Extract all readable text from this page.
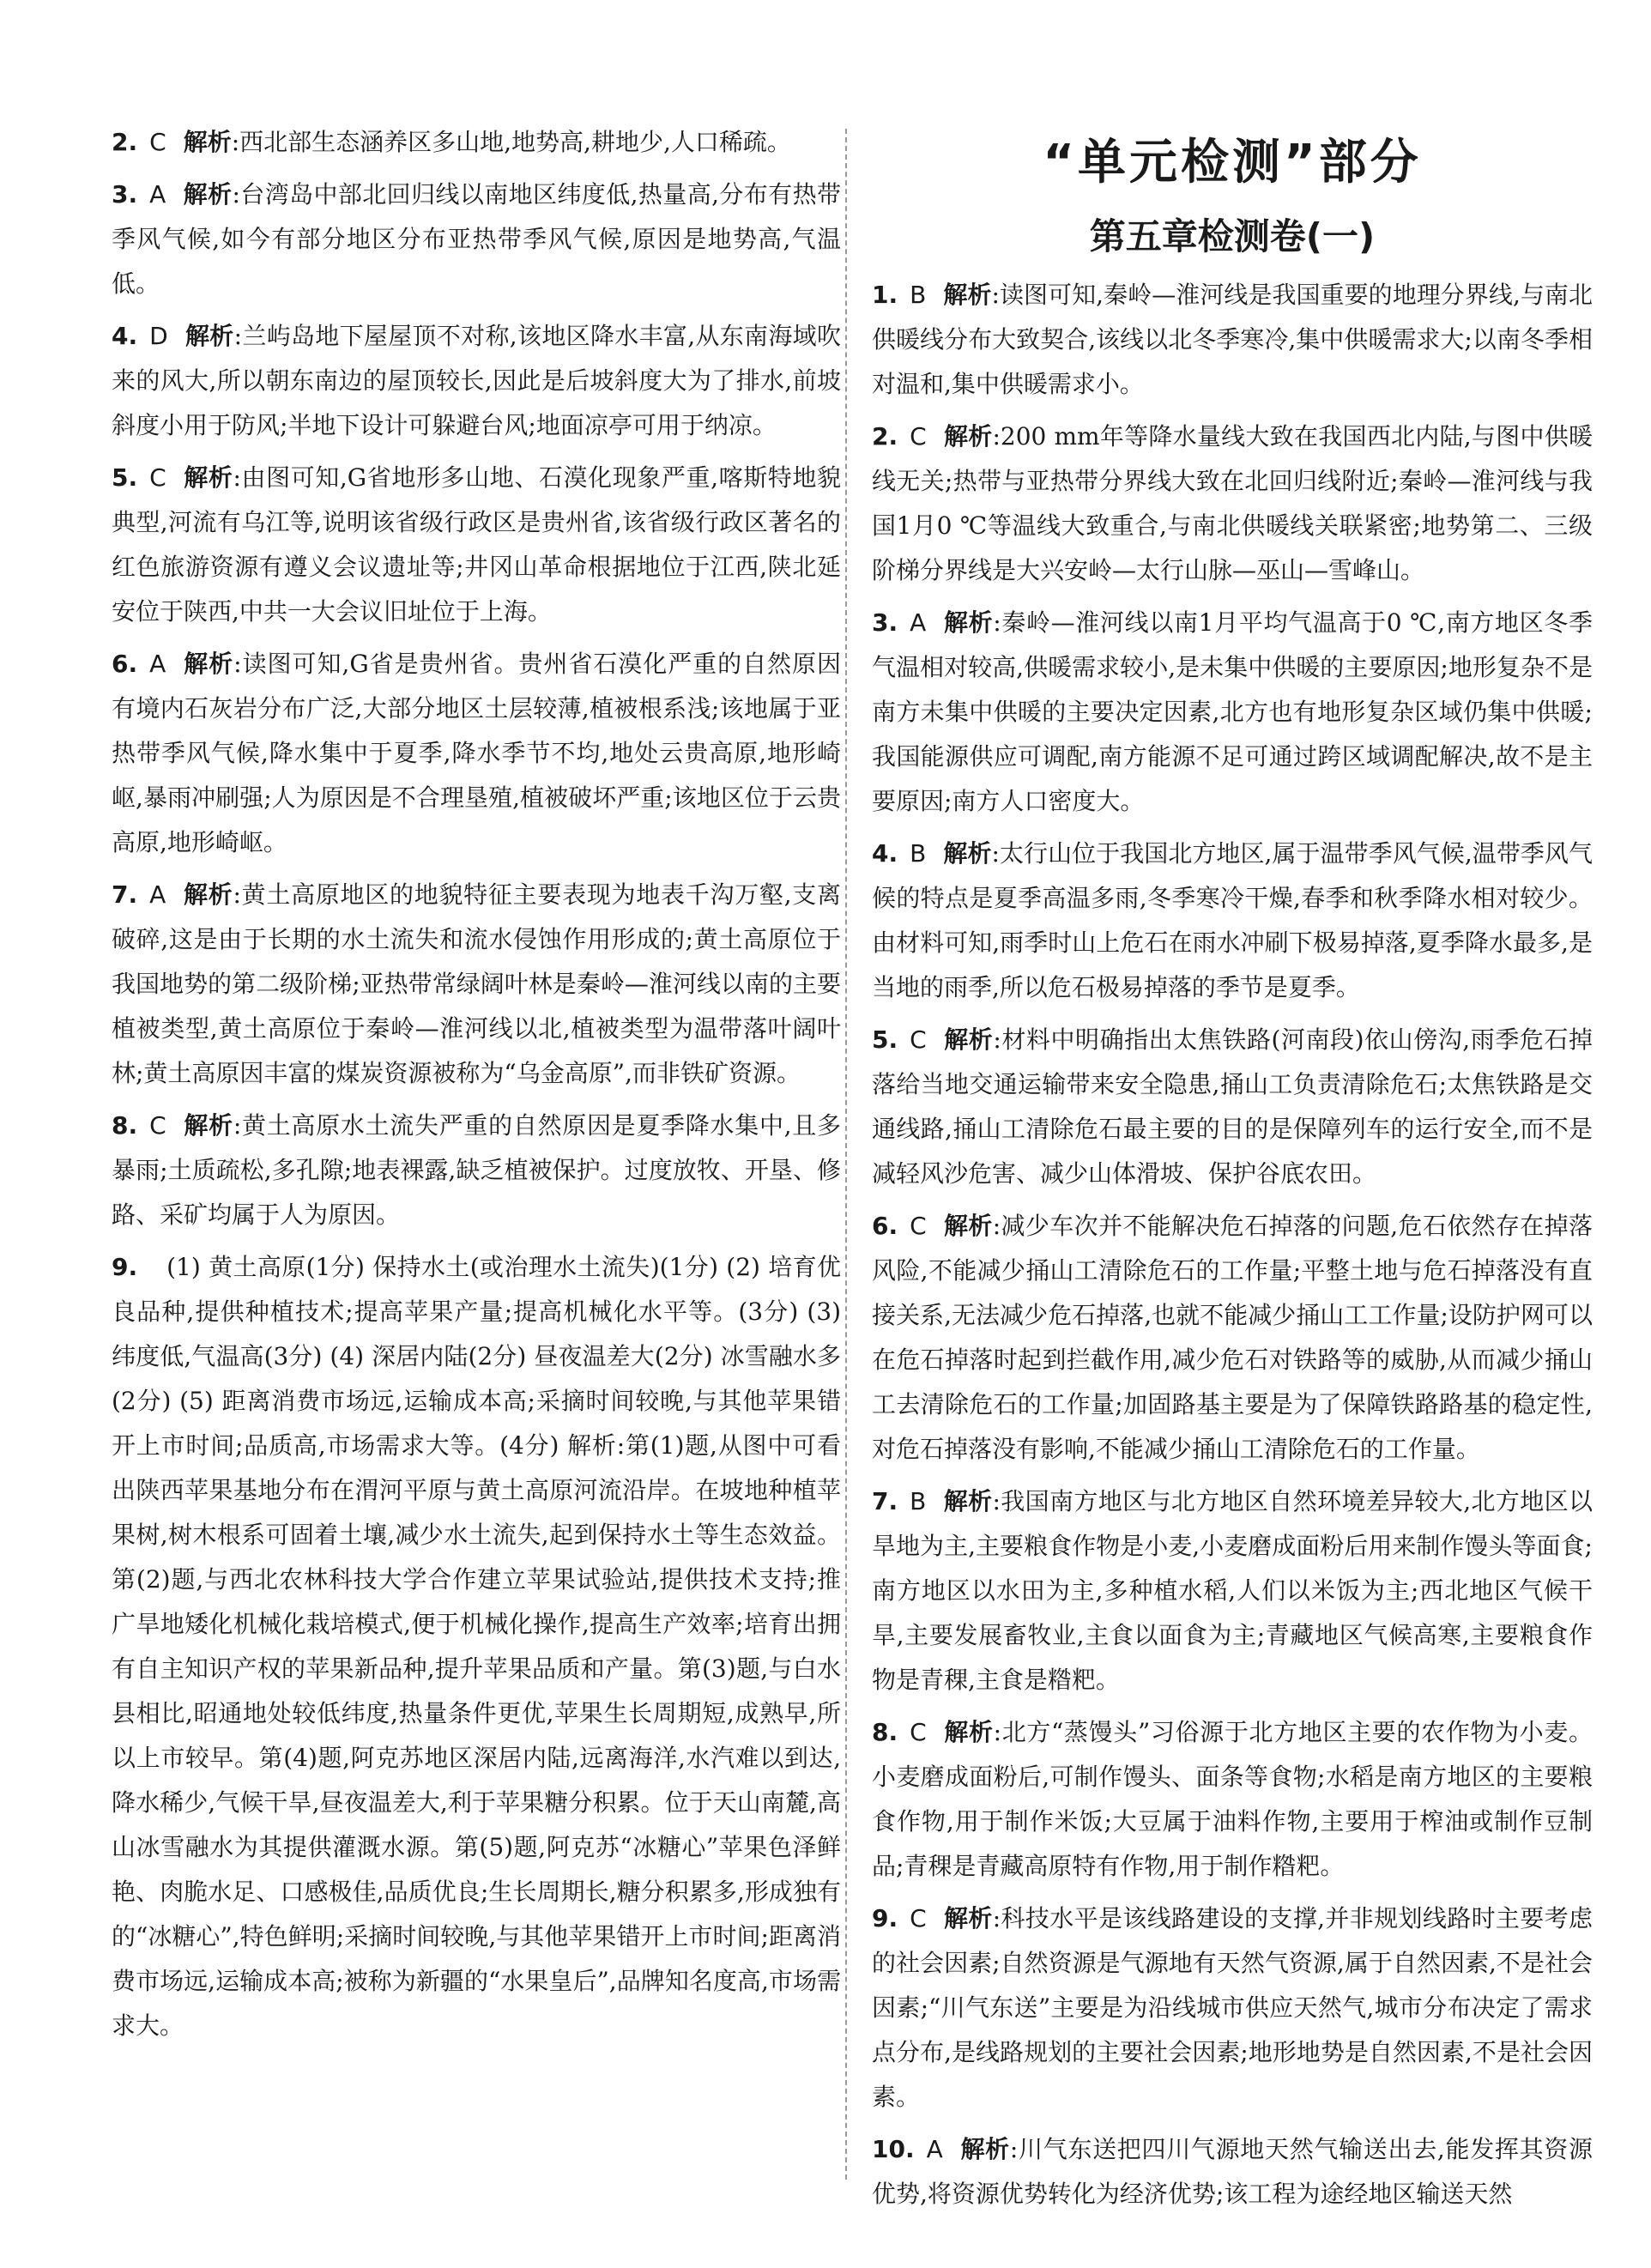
2. C 解析:西北部生态涵养区多山地,地势高,耕地少,人口稀疏。

3. A 解析:台湾岛中部北回归线以南地区纬度低,热量高,分布有热带季风气候,如今有部分地区分布亚热带季风气候,原因是地势高,气温低。

4. D 解析:兰屿岛地下屋屋顶不对称,该地区降水丰富,从东南海域吹来的风大,所以朝东南边的屋顶较长,因此是后坡斜度大为了排水,前坡斜度小用于防风;半地下设计可躲避台风;地面凉亭可用于纳凉。

5. C 解析:由图可知,G省地形多山地、石漠化现象严重,喀斯特地貌典型,河流有乌江等,说明该省级行政区是贵州省,该省级行政区著名的红色旅游资源有遵义会议遗址等;井冈山革命根据地位于江西,陕北延安位于陕西,中共一大会议旧址位于上海。

6. A 解析:读图可知,G省是贵州省。贵州省石漠化严重的自然原因有境内石灰岩分布广泛,大部分地区土层较薄,植被根系浅;该地属于亚热带季风气候,降水集中于夏季,降水季节不均,地处云贵高原,地形崎岖,暴雨冲刷强;人为原因是不合理垦殖,植被破坏严重;该地区位于云贵高原,地形崎岖。

7. A 解析:黄土高原地区的地貌特征主要表现为地表千沟万壑,支离破碎,这是由于长期的水土流失和流水侵蚀作用形成的;黄土高原位于我国地势的第二级阶梯;亚热带常绿阔叶林是秦岭—淮河线以南的主要植被类型,黄土高原位于秦岭—淮河线以北,植被类型为温带落叶阔叶林;黄土高原因丰富的煤炭资源被称为“乌金高原”,而非铁矿资源。

8. C 解析:黄土高原水土流失严重的自然原因是夏季降水集中,且多暴雨;土质疏松,多孔隙;地表裸露,缺乏植被保护。过度放牧、开垦、修路、采矿均属于人为原因。

9. (1) 黄土高原(1分) 保持水土(或治理水土流失)(1分) (2) 培育优良品种,提供种植技术;提高苹果产量;提高机械化水平等。(3分) (3) 纬度低,气温高(3分) (4) 深居内陆(2分) 昼夜温差大(2分) 冰雪融水多(2分) (5) 距离消费市场远,运输成本高;采摘时间较晚,与其他苹果错开上市时间;品质高,市场需求大等。(4分) 解析:第(1)题,从图中可看出陕西苹果基地分布在渭河平原与黄土高原河流沿岸。在坡地种植苹果树,树木根系可固着土壤,减少水土流失,起到保持水土等生态效益。第(2)题,与西北农林科技大学合作建立苹果试验站,提供技术支持;推广旱地矮化机械化栽培模式,便于机械化操作,提高生产效率;培育出拥有自主知识产权的苹果新品种,提升苹果品质和产量。第(3)题,与白水县相比,昭通地处较低纬度,热量条件更优,苹果生长周期短,成熟早,所以上市较早。第(4)题,阿克苏地区深居内陆,远离海洋,水汽难以到达,降水稀少,气候干旱,昼夜温差大,利于苹果糖分积累。位于天山南麓,高山冰雪融水为其提供灌溉水源。第(5)题,阿克苏“冰糖心”苹果色泽鲜艳、肉脆水足、口感极佳,品质优良;生长周期长,糖分积累多,形成独有的“冰糖心”,特色鲜明;采摘时间较晚,与其他苹果错开上市时间;距离消费市场远,运输成本高;被称为新疆的“水果皇后”,品牌知名度高,市场需求大。

“单元检测”部分
第五章检测卷(一)

1. B 解析:读图可知,秦岭—淮河线是我国重要的地理分界线,与南北供暖线分布大致契合,该线以北冬季寒冷,集中供暖需求大;以南冬季相对温和,集中供暖需求小。

2. C 解析:200 mm年等降水量线大致在我国西北内陆,与图中供暖线无关;热带与亚热带分界线大致在北回归线附近;秦岭—淮河线与我国1月0 ℃等温线大致重合,与南北供暖线关联紧密;地势第二、三级阶梯分界线是大兴安岭—太行山脉—巫山—雪峰山。

3. A 解析:秦岭—淮河线以南1月平均气温高于0 ℃,南方地区冬季气温相对较高,供暖需求较小,是未集中供暖的主要原因;地形复杂不是南方未集中供暖的主要决定因素,北方也有地形复杂区域仍集中供暖;我国能源供应可调配,南方能源不足可通过跨区域调配解决,故不是主要原因;南方人口密度大。

4. B 解析:太行山位于我国北方地区,属于温带季风气候,温带季风气候的特点是夏季高温多雨,冬季寒冷干燥,春季和秋季降水相对较少。由材料可知,雨季时山上危石在雨水冲刷下极易掉落,夏季降水最多,是当地的雨季,所以危石极易掉落的季节是夏季。

5. C 解析:材料中明确指出太焦铁路(河南段)依山傍沟,雨季危石掉落给当地交通运输带来安全隐患,捅山工负责清除危石;太焦铁路是交通线路,捅山工清除危石最主要的目的是保障列车的运行安全,而不是减轻风沙危害、减少山体滑坡、保护谷底农田。

6. C 解析:减少车次并不能解决危石掉落的问题,危石依然存在掉落风险,不能减少捅山工清除危石的工作量;平整土地与危石掉落没有直接关系,无法减少危石掉落,也就不能减少捅山工工作量;设防护网可以在危石掉落时起到拦截作用,减少危石对铁路等的威胁,从而减少捅山工去清除危石的工作量;加固路基主要是为了保障铁路路基的稳定性,对危石掉落没有影响,不能减少捅山工清除危石的工作量。

7. B 解析:我国南方地区与北方地区自然环境差异较大,北方地区以旱地为主,主要粮食作物是小麦,小麦磨成面粉后用来制作馒头等面食;南方地区以水田为主,多种植水稻,人们以米饭为主;西北地区气候干旱,主要发展畜牧业,主食以面食为主;青藏地区气候高寒,主要粮食作物是青稞,主食是糌粑。

8. C 解析:北方“蒸馒头”习俗源于北方地区主要的农作物为小麦。小麦磨成面粉后,可制作馒头、面条等食物;水稻是南方地区的主要粮食作物,用于制作米饭;大豆属于油料作物,主要用于榨油或制作豆制品;青稞是青藏高原特有作物,用于制作糌粑。

9. C 解析:科技水平是该线路建设的支撑,并非规划线路时主要考虑的社会因素;自然资源是气源地有天然气资源,属于自然因素,不是社会因素;“川气东送”主要是为沿线城市供应天然气,城市分布决定了需求点分布,是线路规划的主要社会因素;地形地势是自然因素,不是社会因素。

10. A 解析:川气东送把四川气源地天然气输送出去,能发挥其资源优势,将资源优势转化为经济优势;该工程为途经地区输送天然
